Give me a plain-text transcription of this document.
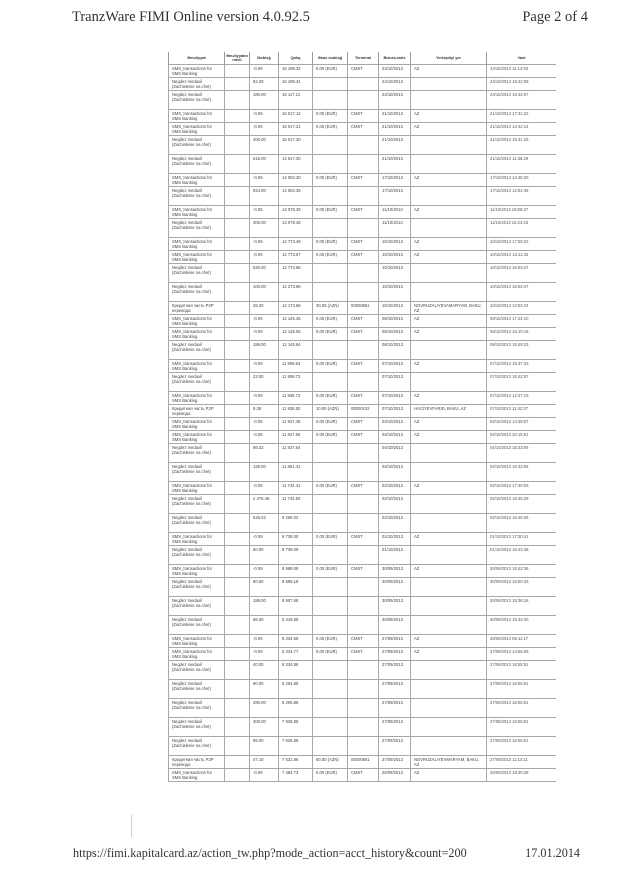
TranzWare FIMI Online version 4.0.92.5	Page 2 of 4
Əməliyyat	Əməliyyatın növü	Məbləğ	Qalıq	Əsas məbləğ	Terminal	Biznes-tarix	Yerləşdiyi yer	Vaxt
SMS_transactions for SMS Banking		-0.09	15 199.32	0.00 (EUR)	CMST	24/10/2013	AZ	24/10/2013 11:14:53
Negdez medaxil (Zachislenie na chet)		82.29	15 199.41			24/10/2013		24/10/2013 16:42:08
Negdez medaxil (Zachislenie na chet)		180.00	15 117.12			24/10/2013		24/10/2013 16:34:07
SMS_transactions for SMS Banking		-0.09	15 017.12	0.00 (EUR)	CMST	21/10/2013	AZ	21/10/2013 17:31:22
SMS_transactions for SMS Banking		-0.09	15 017.21	0.00 (EUR)	CMST	21/10/2013	AZ	21/10/2013 14:42:14
Negdez medaxil (Zachislenie na chet)		400.00	15 017.30			21/10/2013		21/10/2013 15:31:25
Negdez medaxil (Zachislenie na chet)		615.00	14 617.30			21/10/2013		21/10/2013 11:36:29
SMS_transactions for SMS Banking		-0.09	14 002.30	0.00 (EUR)	CMST	17/10/2013	AZ	17/10/2013 14:46:20
Negdez medaxil (Zachislenie na chet)		924.00	14 002.39			17/10/2013		17/10/2013 12:54:45
SMS_transactions for SMS Banking		-0.05	13 078.39	0.00 (EUR)	CMST	11/10/2013	AZ	11/10/2013 19:06:27
Negdez medaxil (Zachislenie na chet)		305.00	13 078.48			11/10/2013		11/10/2013 16:24:23
SMS_transactions for SMS Banking		-0.09	12 773.48	0.00 (EUR)	CMST	10/10/2013	AZ	10/10/2013 17:50:22
SMS_transactions for SMS Banking		-0.09	12 773.57	0.00 (EUR)	CMST	10/10/2013	AZ	10/10/2013 13:11:33
Negdez medaxil (Zachislenie na chet)		520.00	12 773.66			10/10/2013		10/10/2013 15:53:47
Negdez medaxil (Zachislenie na chet)		100.00	12 273.66			10/10/2013		10/10/2013 15:53:47
Кредитная часть P2P перевода		28.20	12 173.66	30.00 (AZN)	00000661	10/10/2013	NOVRUZALIYEVAMARYAM, BAKU, AZ	10/10/2013 12:52:24
SMS_transactions for SMS Banking		-0.09	12 145.46	0.00 (EUR)	CMST	08/10/2013	AZ	08/10/2013 17:24:10
SMS_transactions for SMS Banking		-0.09	12 145.55	0.00 (EUR)	CMST	08/10/2013	AZ	08/10/2013 16:10:16
Negdez medaxil (Zachislenie na chet)		186.00	12 145.64			08/10/2013		08/10/2013 15:49:23
SMS_transactions for SMS Banking		-0.09	11 959.64	0.00 (EUR)	CMST	07/10/2013	AZ	07/10/2013 15:37:33
Negdez medaxil (Zachislenie na chet)		23.00	11 959.73			07/10/2013		07/10/2013 16:42:57
SMS_transactions for SMS Banking		-0.09	11 936.73	0.00 (EUR)	CMST	07/10/2013	AZ	07/10/2013 12:47:19
Кредитная часть P2P перевода		9.36	11 936.82	10.00 (AZN)	00000102	07/10/2013	HACIYEVFARID, BAKU, AZ	07/10/2013 11:42:27
SMS_transactions for SMS Banking		-0.06	11 927.46	0.00 (EUR)	CMST	04/10/2013	AZ	04/10/2013 14:39:07
SMS_transactions for SMS Banking		-0.06	11 927.55	0.00 (EUR)	CMST	04/10/2013	AZ	04/10/2013 20:15:51
Negdez medaxil (Zachislenie na chet)		86.23	11 927.64			04/10/2013		04/10/2013 16:33:06
Negdez medaxil (Zachislenie na chet)		128.00	11 861.41			04/10/2013		04/10/2013 16:33:06
SMS_transactions for SMS Banking		-0.09	11 742.41	0.00 (EUR)	CMST	02/10/2013	AZ	02/10/2013 17:30:03
Negdez medaxil (Zachislenie na chet)		2 476.48	11 742.50			02/10/2013		02/10/2013 15:45:29
Negdez medaxil (Zachislenie na chet)		526.02	9 266.02			02/10/2013		02/10/2013 16:46:26
SMS_transactions for SMS Banking		-0.09	8 739.00	0.00 (EUR)	CMST	01/10/2013	AZ	01/10/2013 17:30:41
Negdez medaxil (Zachislenie na chet)		50.00	8 739.09			01/10/2013		01/10/2013 16:43:48
SMS_transactions for SMS Banking		-0.09	8 689.09	0.00 (EUR)	CMST	30/09/2013	AZ	30/09/2013 18:42:36
Negdez medaxil (Zachislenie na chet)		80.50	8 689.18			30/09/2013		30/09/2013 16:50:43
Negdez medaxil (Zachislenie na chet)		188.00	8 607.68			30/09/2013		30/09/2013 15:36:18
Negdez medaxil (Zachislenie na chet)		86.00	8 419.68			30/09/2013		30/09/2013 15:33:40
SMS_transactions for SMS Banking		-0.09	8 334.68	0.00 (EUR)	CMST	27/09/2013	AZ	28/09/2013 09:11:17
SMS_transactions for SMS Banking		-0.09	8 334.77	0.00 (EUR)	CMST	27/09/2013	AZ	27/09/2013 14:56:09
Negdez medaxil (Zachislenie na chet)		40.00	8 334.86			27/09/2013		27/09/2013 16:55:51
Negdez medaxil (Zachislenie na chet)		90.00	8 294.86			27/09/2013		27/09/2013 16:55:51
Negdez medaxil (Zachislenie na chet)		280.00	8 206.86			27/09/2013		27/09/2013 16:55:51
Negdez medaxil (Zachislenie na chet)		300.00	7 926.86			27/09/2013		27/09/2013 16:55:51
Negdez medaxil (Zachislenie na chet)		95.00	7 626.86			27/09/2013		27/09/2013 16:55:51
Кредитная часть P2P перевода		47.10	7 531.86	50.00 (AZN)	00000661	27/09/2013	NOVRUZALIYEVMARYAM, BAKU, AZ	27/09/2013 11:14:11
SMS_transactions for SMS Banking		-0.09	7 484.73	0.00 (EUR)	CMST	26/09/2013	AZ	26/09/2013 18:20:28
https://fimi.kapitalcard.az/action_tw.php?mode_action=acct_history&count=200	17.01.2014
